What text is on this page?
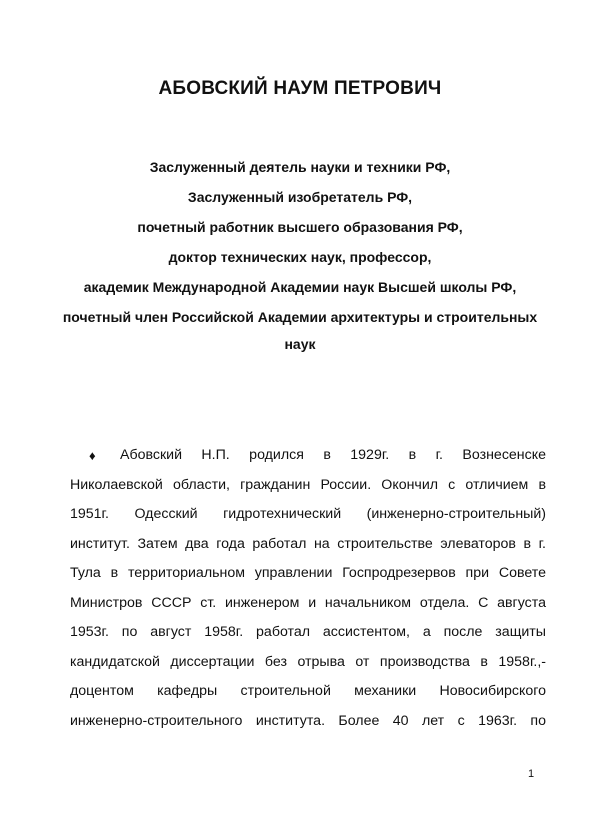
АБОВСКИЙ НАУМ ПЕТРОВИЧ
Заслуженный деятель науки и техники РФ,
Заслуженный изобретатель РФ,
почетный работник высшего образования РФ,
доктор технических наук, профессор,
академик Международной Академии наук Высшей школы РФ,
почетный член Российской Академии архитектуры и строительных
наук
♦	Абовский Н.П. родился в 1929г. в г. Вознесенске
Николаевской области, гражданин России. Окончил с отличием в
1951г. Одесский гидротехнический (инженерно-строительный)
институт. Затем два года работал на строительстве элеваторов в г.
Тула в территориальном управлении Госпродрезервов при Совете
Министров СССР ст. инженером и начальником отдела. С августа
1953г. по август 1958г. работал ассистентом, а после защиты
кандидатской диссертации без отрыва от производства в 1958г.,-
доцентом кафедры строительной механики Новосибирского
инженерно-строительного института. Более 40 лет с 1963г. по
1
